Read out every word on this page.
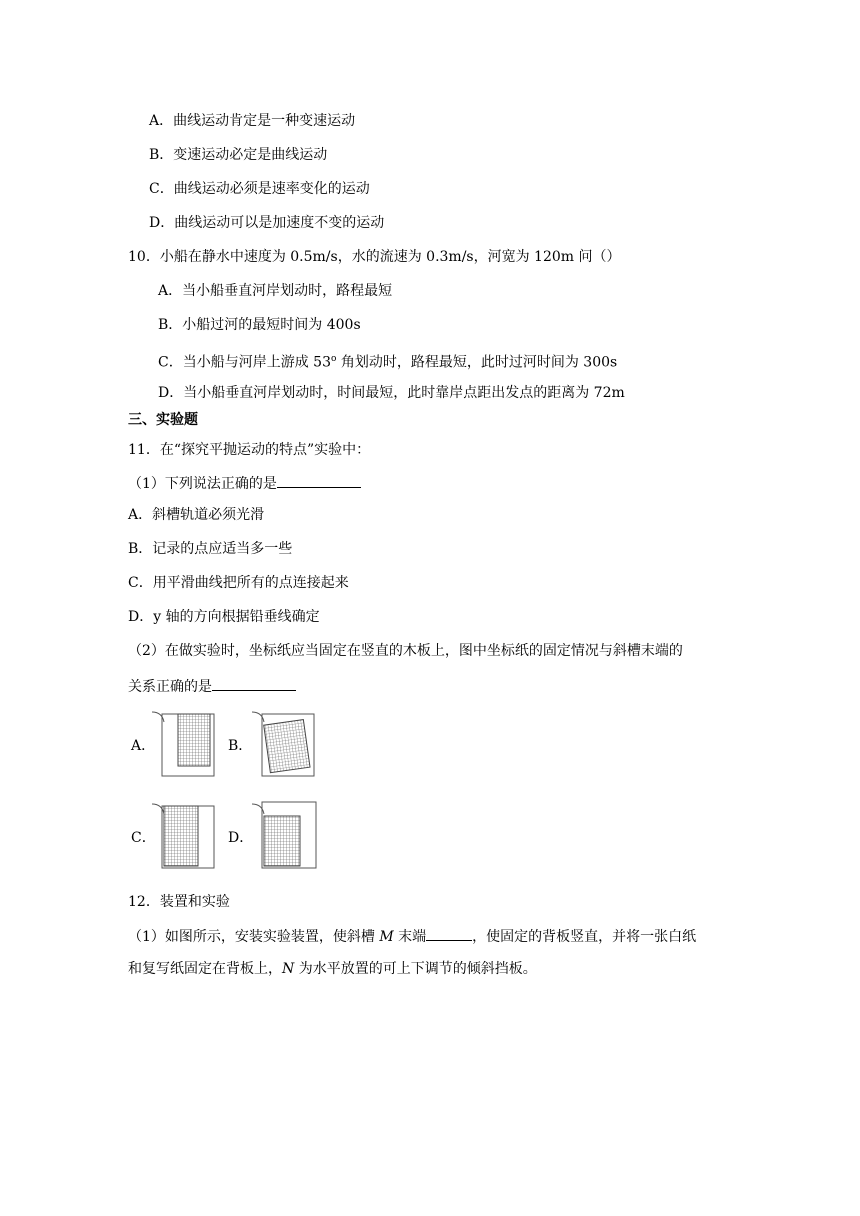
A．曲线运动肯定是一种变速运动
B．变速运动必定是曲线运动
C．曲线运动必须是速率变化的运动
D．曲线运动可以是加速度不变的运动
10．小船在静水中速度为 0.5m/s，水的流速为 0.3m/s，河宽为 120m 问（）
A．当小船垂直河岸划动时，路程最短
B．小船过河的最短时间为 400s
C．当小船与河岸上游成 53$^o$ 角划动时，路程最短，此时过河时间为 300s
D．当小船垂直河岸划动时，时间最短，此时靠岸点距出发点的距离为 72m
三、实验题
11．在“探究平抛运动的特点”实验中：
（1）下列说法正确的是
A．斜槽轨道必须光滑
B．记录的点应适当多一些
C．用平滑曲线把所有的点连接起来
D．y 轴的方向根据铅垂线确定
（2）在做实验时，坐标纸应当固定在竖直的木板上，图中坐标纸的固定情况与斜槽末端的
关系正确的是
A．	B．
C．	D．
12．装置和实验
（1）如图所示，安装实验装置，使斜槽 M 末端	，使固定的背板竖直，并将一张白纸
和复写纸固定在背板上，N 为水平放置的可上下调节的倾斜挡板。
